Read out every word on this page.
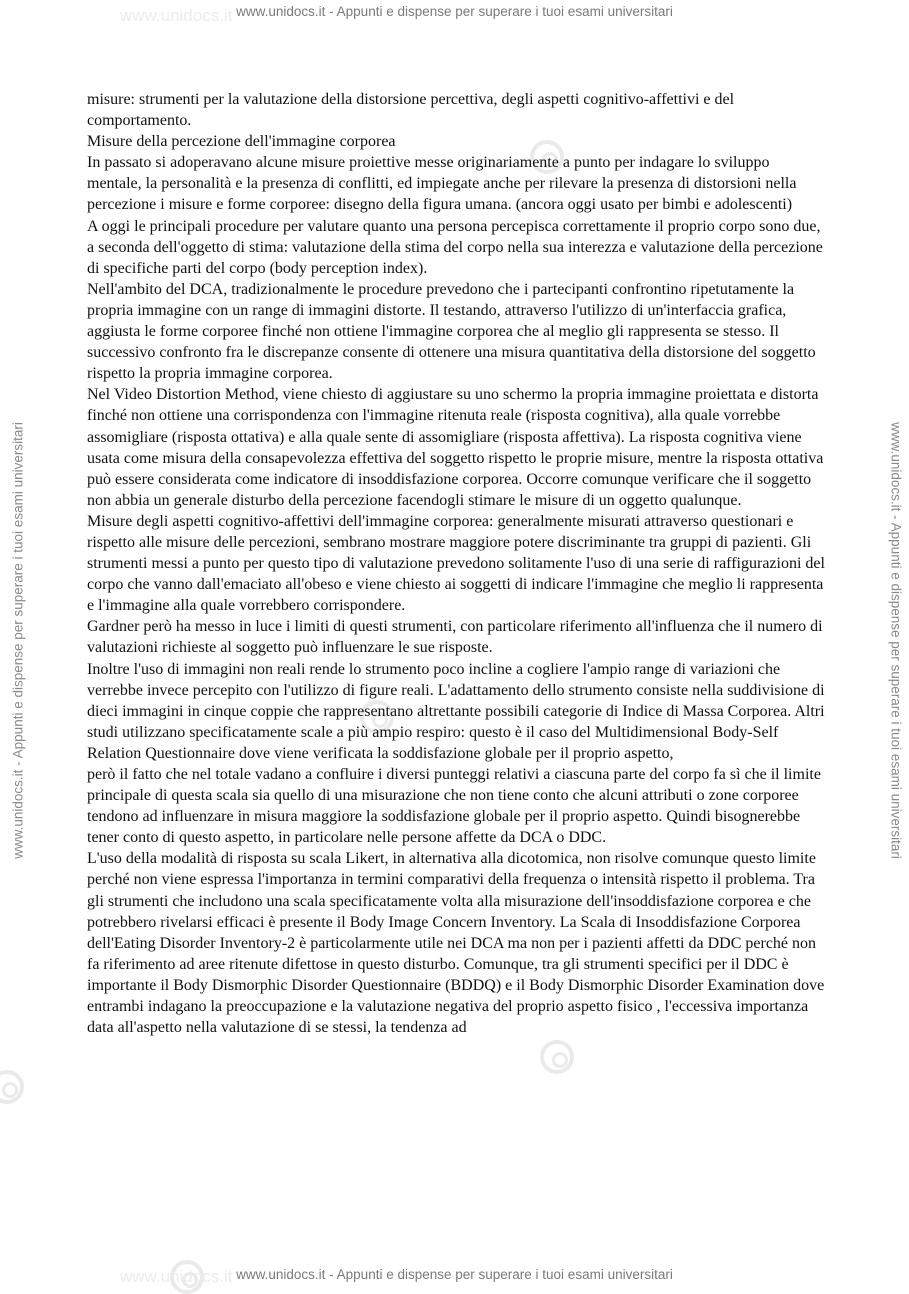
www.unidocs.it
www.unidocs.it
www.unidocs.it - Appunti e dispense per superare i tuoi esami universitari
www.unidocs.it - Appunti e dispense per superare i tuoi esami universitari	www.unidocs.it - Appunti e dispense per superare i tuoi esami universitari

misure: strumenti per la valutazione della distorsione percettiva, degli aspetti cognitivo-affettivi e del comportamento.

Misure della percezione dell'immagine corporea

In passato si adoperavano alcune misure proiettive messe originariamente a punto per indagare lo sviluppo mentale, la personalità e la presenza di conflitti, ed impiegate anche per rilevare la presenza di distorsioni nella percezione i misure e forme corporee: disegno della figura umana. (ancora oggi usato per bimbi e adolescenti)

A oggi le principali procedure per valutare quanto una persona percepisca correttamente il proprio corpo sono due, a seconda dell'oggetto di stima: valutazione della stima del corpo nella sua interezza e valutazione della percezione di specifiche parti del corpo (body perception index).

Nell'ambito del DCA, tradizionalmente le procedure prevedono che i partecipanti confrontino ripetutamente la propria immagine con un range di immagini distorte. Il testando, attraverso l'utilizzo di un'interfaccia grafica, aggiusta le forme corporee finché non ottiene l'immagine corporea che al meglio gli rappresenta se stesso. Il successivo confronto fra le discrepanze consente di ottenere una misura quantitativa della distorsione del soggetto rispetto la propria immagine corporea.

Nel Video Distortion Method, viene chiesto di aggiustare su uno schermo la propria immagine proiettata e distorta finché non ottiene una corrispondenza con l'immagine ritenuta reale (risposta cognitiva), alla quale vorrebbe assomigliare (risposta ottativa) e alla quale sente di assomigliare (risposta affettiva). La risposta cognitiva viene usata come misura della consapevolezza effettiva del soggetto rispetto le proprie misure, mentre la risposta ottativa può essere considerata come indicatore di insoddisfazione corporea. Occorre comunque verificare che il soggetto non abbia un generale disturbo della percezione facendogli stimare le misure di un oggetto qualunque.

Misure degli aspetti cognitivo-affettivi dell'immagine corporea: generalmente misurati attraverso questionari e rispetto alle misure delle percezioni, sembrano mostrare maggiore potere discriminante tra gruppi di pazienti. Gli strumenti messi a punto per questo tipo di valutazione prevedono solitamente l'uso di una serie di raffigurazioni del corpo che vanno dall'emaciato all'obeso e viene chiesto ai soggetti di indicare l'immagine che meglio li rappresenta e l'immagine alla quale vorrebbero corrispondere.

Gardner però ha messo in luce i limiti di questi strumenti, con particolare riferimento all'influenza che il numero di valutazioni richieste al soggetto può influenzare le sue risposte.

Inoltre l'uso di immagini non reali rende lo strumento poco incline a cogliere l'ampio range di variazioni che verrebbe invece percepito con l'utilizzo di figure reali. L'adattamento dello strumento consiste nella suddivisione di dieci immagini in cinque coppie che rappresentano altrettante possibili categorie di Indice di Massa Corporea. Altri studi utilizzano specificatamente scale a più ampio respiro: questo è il caso del Multidimensional Body-Self Relation Questionnaire dove viene verificata la soddisfazione globale per il proprio aspetto,

però il fatto che nel totale vadano a confluire i diversi punteggi relativi a ciascuna parte del corpo fa sì che il limite principale di questa scala sia quello di una misurazione che non tiene conto che alcuni attributi o zone corporee tendono ad influenzare in misura maggiore la soddisfazione globale per il proprio aspetto. Quindi bisognerebbe tener conto di questo aspetto, in particolare nelle persone affette da DCA o DDC.

L'uso della modalità di risposta su scala Likert, in alternativa alla dicotomica, non risolve comunque questo limite perché non viene espressa l'importanza in termini comparativi della frequenza o intensità rispetto il problema. Tra gli strumenti che includono una scala specificatamente volta alla misurazione dell'insoddisfazione corporea e che potrebbero rivelarsi efficaci è presente il Body Image Concern Inventory. La Scala di Insoddisfazione Corporea dell'Eating Disorder Inventory-2 è particolarmente utile nei DCA ma non per i pazienti affetti da DDC perché non fa riferimento ad aree ritenute difettose in questo disturbo. Comunque, tra gli strumenti specifici per il DDC è importante il Body Dismorphic Disorder Questionnaire (BDDQ) e il Body Dismorphic Disorder Examination dove entrambi indagano la preoccupazione e la valutazione negativa del proprio aspetto fisico , l'eccessiva importanza data all'aspetto nella valutazione di se stessi, la tendenza ad

www.unidocs.it - Appunti e dispense per superare i tuoi esami universitari
